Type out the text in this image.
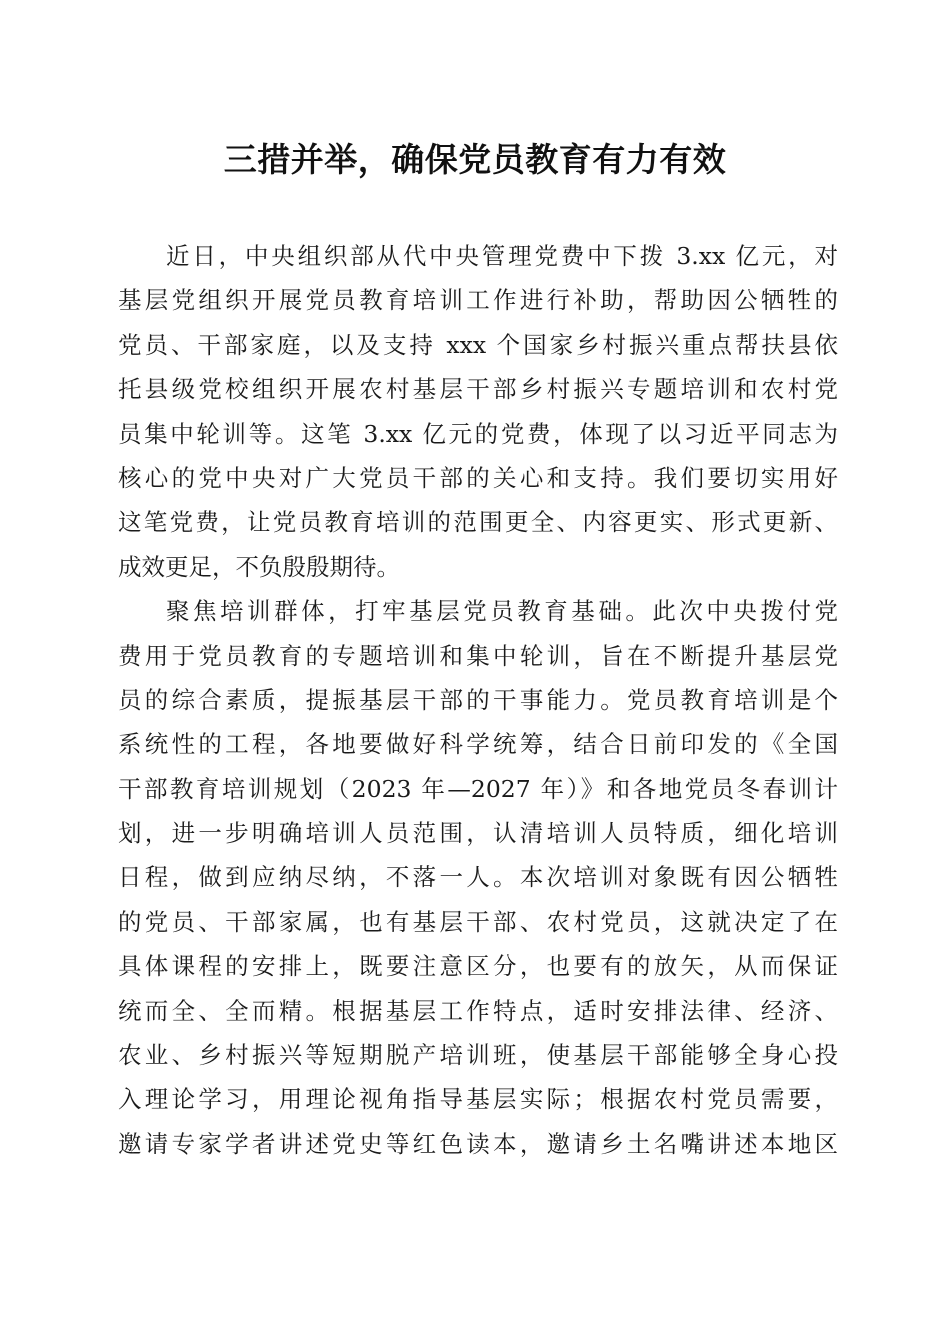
三措并举，确保党员教育有力有效
近日，中央组织部从代中央管理党费中下拨 3.xx 亿元，对
基层党组织开展党员教育培训工作进行补助，帮助因公牺牲的
党员、干部家庭，以及支持 xxx 个国家乡村振兴重点帮扶县依
托县级党校组织开展农村基层干部乡村振兴专题培训和农村党
员集中轮训等。这笔 3.xx 亿元的党费，体现了以习近平同志为
核心的党中央对广大党员干部的关心和支持。我们要切实用好
这笔党费，让党员教育培训的范围更全、内容更实、形式更新、
成效更足，不负殷殷期待。
聚焦培训群体，打牢基层党员教育基础。此次中央拨付党
费用于党员教育的专题培训和集中轮训，旨在不断提升基层党
员的综合素质，提振基层干部的干事能力。党员教育培训是个
系统性的工程，各地要做好科学统筹，结合日前印发的《全国
干部教育培训规划（2023 年—2027 年）》和各地党员冬春训计
划，进一步明确培训人员范围，认清培训人员特质，细化培训
日程，做到应纳尽纳，不落一人。本次培训对象既有因公牺牲
的党员、干部家属，也有基层干部、农村党员，这就决定了在
具体课程的安排上，既要注意区分，也要有的放矢，从而保证
统而全、全而精。根据基层工作特点，适时安排法律、经济、
农业、乡村振兴等短期脱产培训班，使基层干部能够全身心投
入理论学习，用理论视角指导基层实际；根据农村党员需要，
邀请专家学者讲述党史等红色读本，邀请乡土名嘴讲述本地区
